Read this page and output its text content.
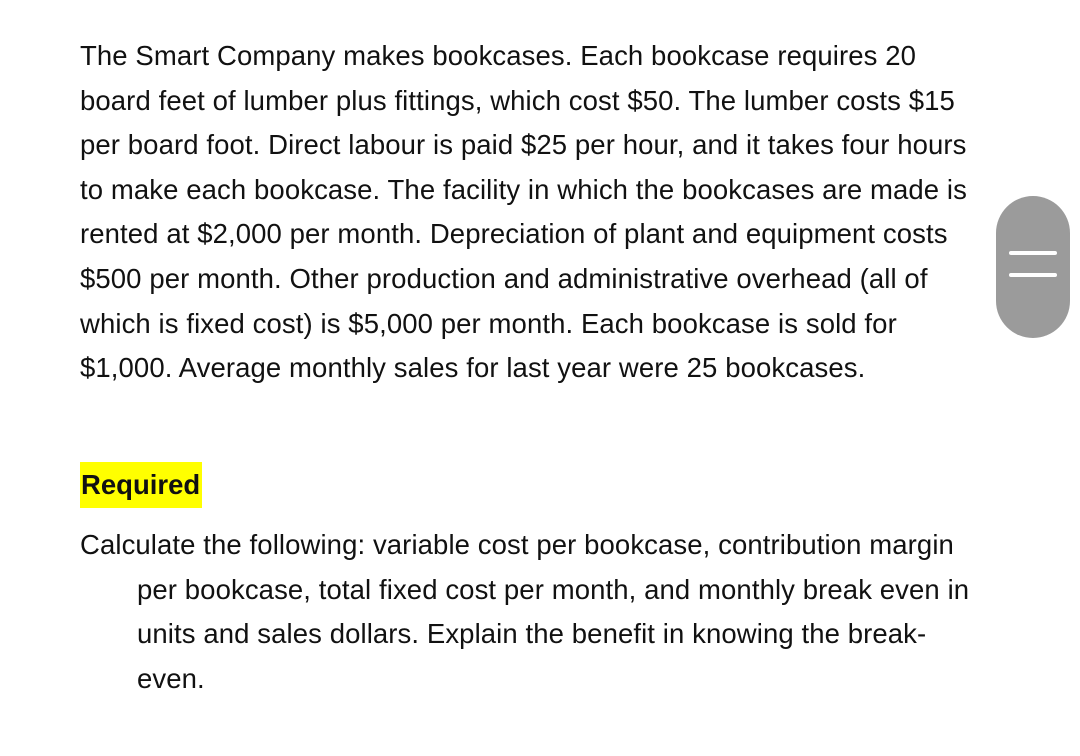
The Smart Company makes bookcases. Each bookcase requires 20 board feet of lumber plus fittings, which cost $50. The lumber costs $15 per board foot. Direct labour is paid $25 per hour, and it takes four hours to make each bookcase. The facility in which the bookcases are made is rented at $2,000 per month. Depreciation of plant and equipment costs $500 per month. Other production and administrative overhead (all of which is fixed cost) is $5,000 per month. Each bookcase is sold for $1,000. Average monthly sales for last year were 25 bookcases.

Required

Calculate the following: variable cost per bookcase, contribution margin per bookcase, total fixed cost per month, and monthly break even in units and sales dollars. Explain the benefit in knowing the break-even.
